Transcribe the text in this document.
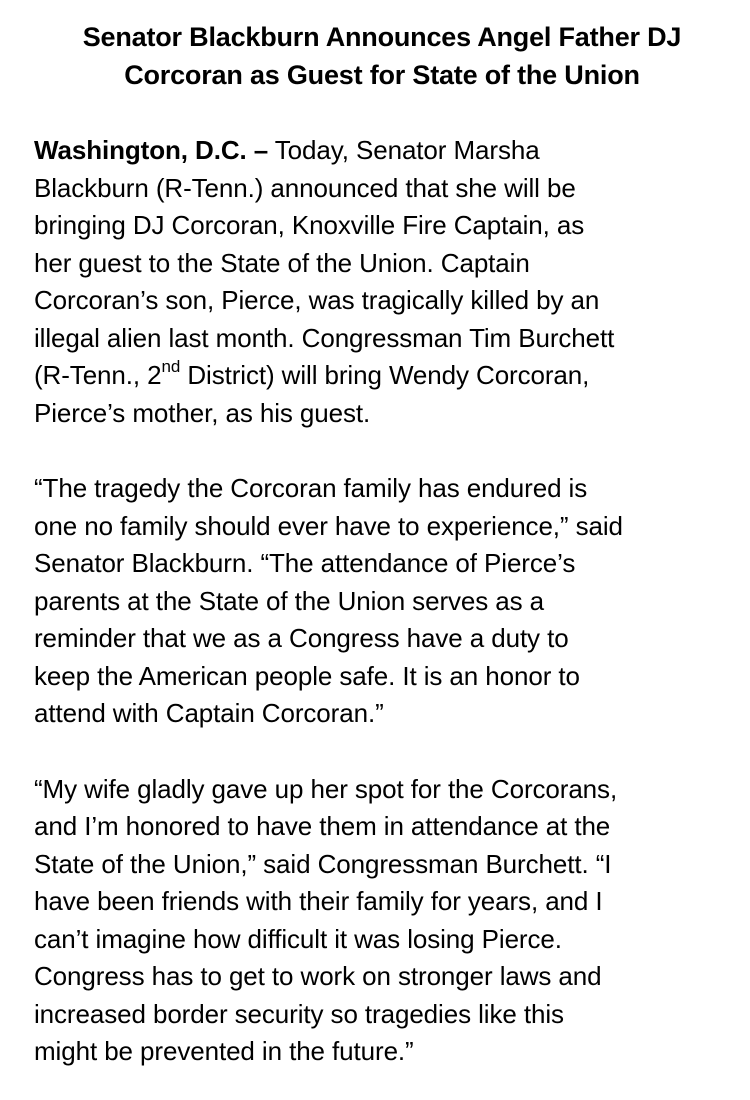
Senator Blackburn Announces Angel Father DJ
Corcoran as Guest for State of the Union

Washington, D.C. – Today, Senator Marsha
Blackburn (R-Tenn.) announced that she will be
bringing DJ Corcoran, Knoxville Fire Captain, as
her guest to the State of the Union. Captain
Corcoran’s son, Pierce, was tragically killed by an
illegal alien last month. Congressman Tim Burchett
(R-Tenn., 2nd District) will bring Wendy Corcoran,
Pierce’s mother, as his guest.

“The tragedy the Corcoran family has endured is
one no family should ever have to experience,” said
Senator Blackburn. “The attendance of Pierce’s
parents at the State of the Union serves as a
reminder that we as a Congress have a duty to
keep the American people safe. It is an honor to
attend with Captain Corcoran.”

“My wife gladly gave up her spot for the Corcorans,
and I’m honored to have them in attendance at the
State of the Union,” said Congressman Burchett. “I
have been friends with their family for years, and I
can’t imagine how difficult it was losing Pierce.
Congress has to get to work on stronger laws and
increased border security so tragedies like this
might be prevented in the future.”
